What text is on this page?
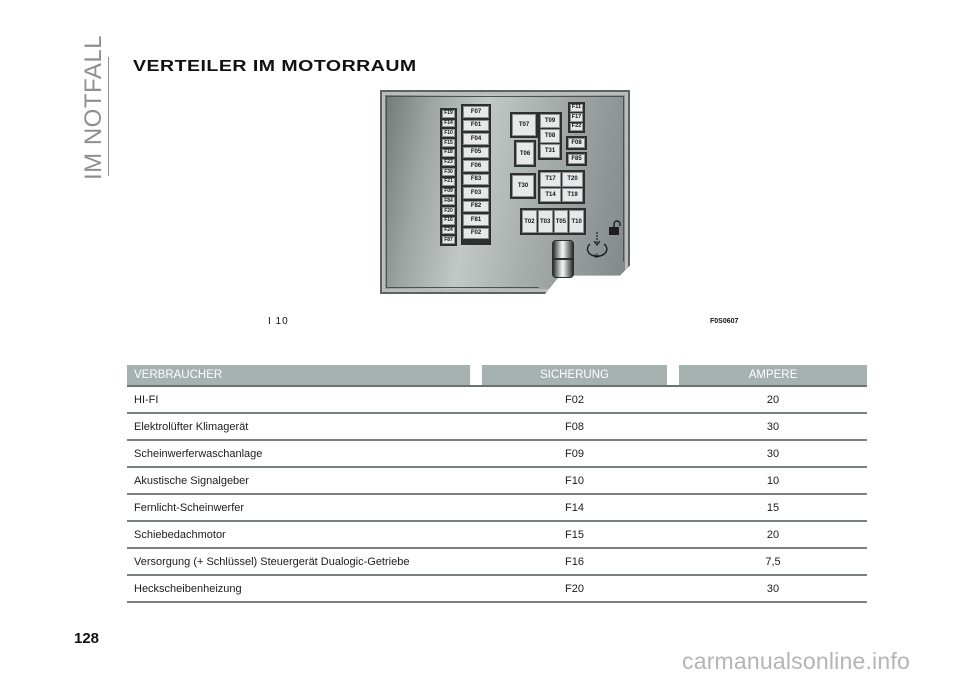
IM NOTFALL VERTEILER IM MOTORRAUM
F19
F14
F10
F15
F18
F23
F30
F21
F09
F84
F20
F16
F24
F87
F07
F01
F04
F05
F06
F83
F03
F82
F81
F02
T07
T06
T30
T09
T08
T31
T17	T20
T14	T19
T02 T03 T05 T10
F11
F17
F22
F08
F85
2
I 10	F0S0607
VERBRAUCHER		SICHERUNG		AMPERE
HI-FI		F02		20
Elektrolüfter Klimagerät		F08		30
Scheinwerferwaschanlage		F09		30
Akustische Signalgeber		F10		10
Fernlicht-Scheinwerfer		F14		15
Schiebedachmotor		F15		20
Versorgung (+ Schlüssel) Steuergerät Dualogic-Getriebe		F16		7,5
Heckscheibenheizung		F20		30
128
carmanualsonline.info
